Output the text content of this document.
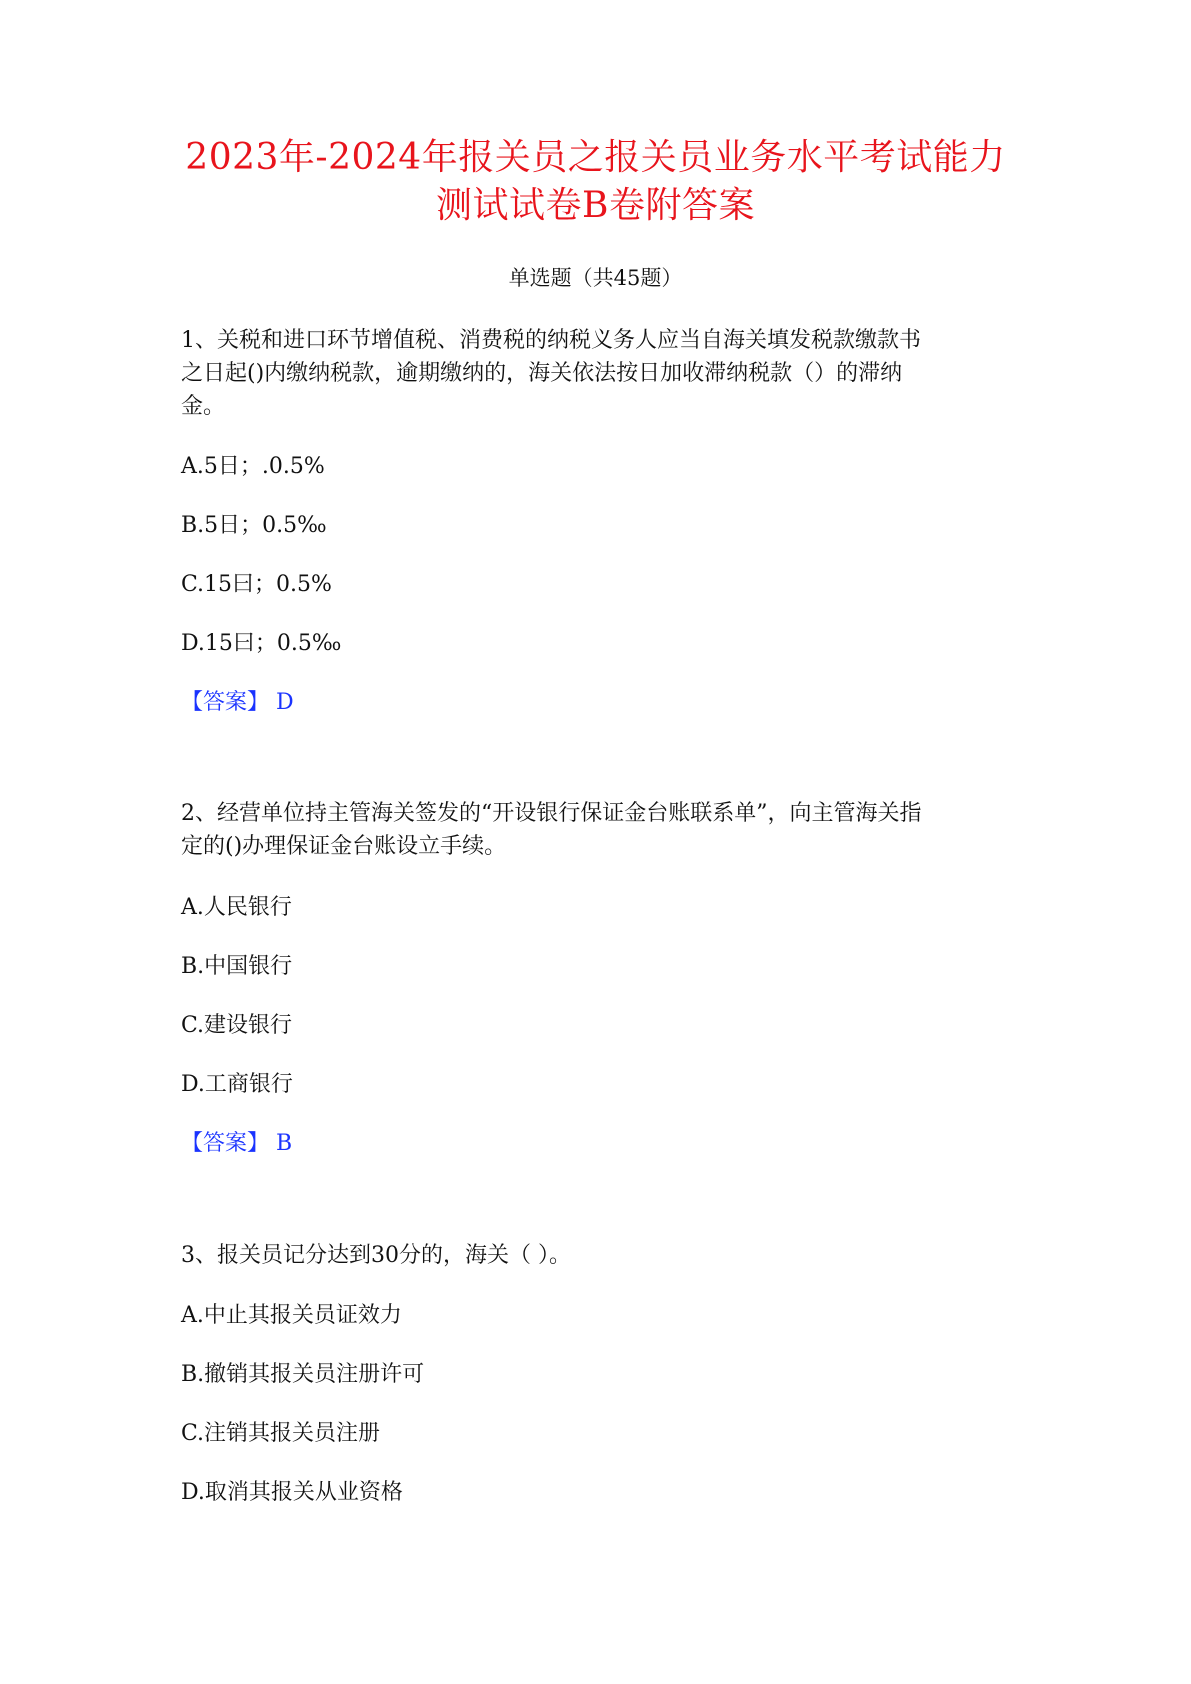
2023年-2024年报关员之报关员业务水平考试能力
测试试卷B卷附答案
单选题（共45题）
1、关税和进口环节增值税、消费税的纳税义务人应当自海关填发税款缴款书
之日起()内缴纳税款，逾期缴纳的，海关依法按日加收滞纳税款（）的滞纳
金。
A.5日；.0.5%
B.5日；0.5‰
C.15曰；0.5%
D.15曰；0.5‰
【答案】 D
2、经营单位持主管海关签发的“开设银行保证金台账联系单”，向主管海关指
定的()办理保证金台账设立手续。
A.人民银行
B.中国银行
C.建设银行
D.工商银行
【答案】 B
3、报关员记分达到30分的，海关（ ）。
A.中止其报关员证效力
B.撤销其报关员注册许可
C.注销其报关员注册
D.取消其报关从业资格
